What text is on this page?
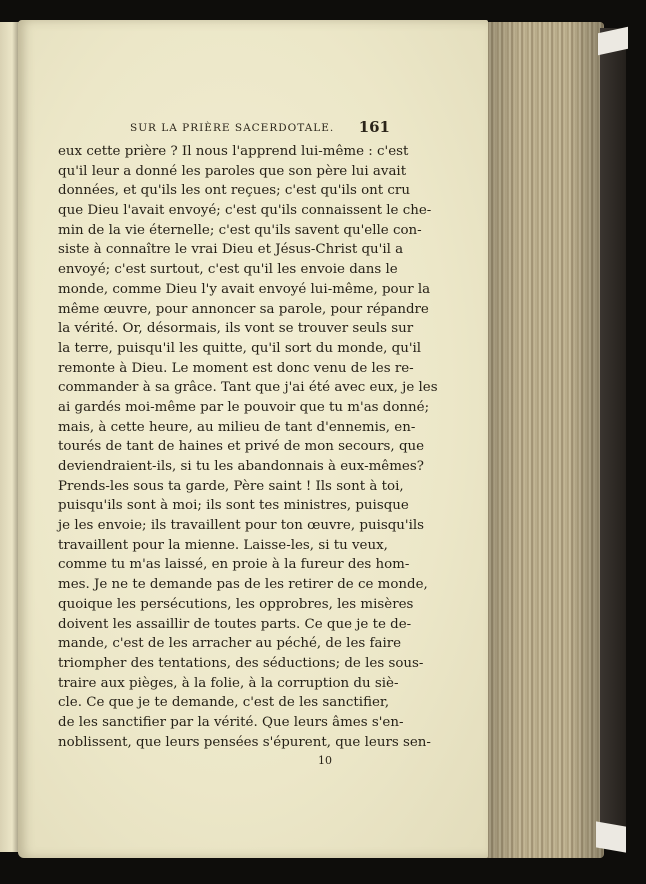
SUR LA PRIÈRE SACERDOTALE. 161
eux cette prière ? Il nous l'apprend lui-même : c'est
qu'il leur a donné les paroles que son père lui avait
données, et qu'ils les ont reçues; c'est qu'ils ont cru
que Dieu l'avait envoyé; c'est qu'ils connaissent le che-
min de la vie éternelle; c'est qu'ils savent qu'elle con-
siste à connaître le vrai Dieu et Jésus-Christ qu'il a
envoyé; c'est surtout, c'est qu'il les envoie dans le
monde, comme Dieu l'y avait envoyé lui-même, pour la
même œuvre, pour annoncer sa parole, pour répandre
la vérité. Or, désormais, ils vont se trouver seuls sur
la terre, puisqu'il les quitte, qu'il sort du monde, qu'il
remonte à Dieu. Le moment est donc venu de les re-
commander à sa grâce. Tant que j'ai été avec eux, je les
ai gardés moi-même par le pouvoir que tu m'as donné;
mais, à cette heure, au milieu de tant d'ennemis, en-
tourés de tant de haines et privé de mon secours, que
deviendraient-ils, si tu les abandonnais à eux-mêmes?
Prends-les sous ta garde, Père saint ! Ils sont à toi,
puisqu'ils sont à moi; ils sont tes ministres, puisque
je les envoie; ils travaillent pour ton œuvre, puisqu'ils
travaillent pour la mienne. Laisse-les, si tu veux,
comme tu m'as laissé, en proie à la fureur des hom-
mes. Je ne te demande pas de les retirer de ce monde,
quoique les persécutions, les opprobres, les misères
doivent les assaillir de toutes parts. Ce que je te de-
mande, c'est de les arracher au péché, de les faire
triompher des tentations, des séductions; de les sous-
traire aux pièges, à la folie, à la corruption du siè-
cle. Ce que je te demande, c'est de les sanctifier,
de les sanctifier par la vérité. Que leurs âmes s'en-
noblissent, que leurs pensées s'épurent, que leurs sen-
10
